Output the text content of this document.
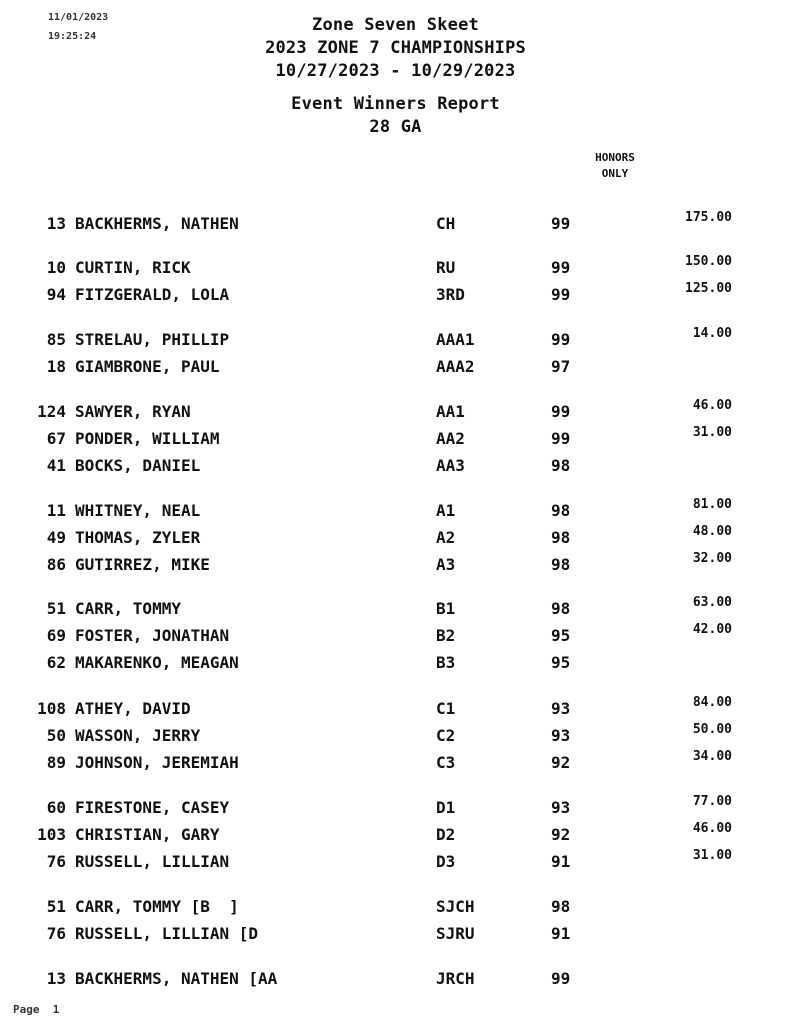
11/01/2023
19:25:24
Zone Seven Skeet
2023 ZONE 7 CHAMPIONSHIPS
10/27/2023 - 10/29/2023
Event Winners Report
28 GA
HONORS
ONLY
13 BACKHERMS, NATHEN	CH	99	175.00
10 CURTIN, RICK	RU	99	150.00
94 FITZGERALD, LOLA	3RD	99	125.00
85 STRELAU, PHILLIP	AAA1	99	14.00
18 GIAMBRONE, PAUL	AAA2	97
124 SAWYER, RYAN	AA1	99	46.00
67 PONDER, WILLIAM	AA2	99	31.00
41 BOCKS, DANIEL	AA3	98
11 WHITNEY, NEAL	A1	98	81.00
49 THOMAS, ZYLER	A2	98	48.00
86 GUTIRREZ, MIKE	A3	98	32.00
51 CARR, TOMMY	B1	98	63.00
69 FOSTER, JONATHAN	B2	95	42.00
62 MAKARENKO, MEAGAN	B3	95
108 ATHEY, DAVID	C1	93	84.00
50 WASSON, JERRY	C2	93	50.00
89 JOHNSON, JEREMIAH	C3	92	34.00
60 FIRESTONE, CASEY	D1	93	77.00
103 CHRISTIAN, GARY	D2	92	46.00
76 RUSSELL, LILLIAN	D3	91	31.00
51 CARR, TOMMY [B  ]	SJCH	98
76 RUSSELL, LILLIAN [D	SJRU	91
13 BACKHERMS, NATHEN [AA	JRCH	99
Page 1
